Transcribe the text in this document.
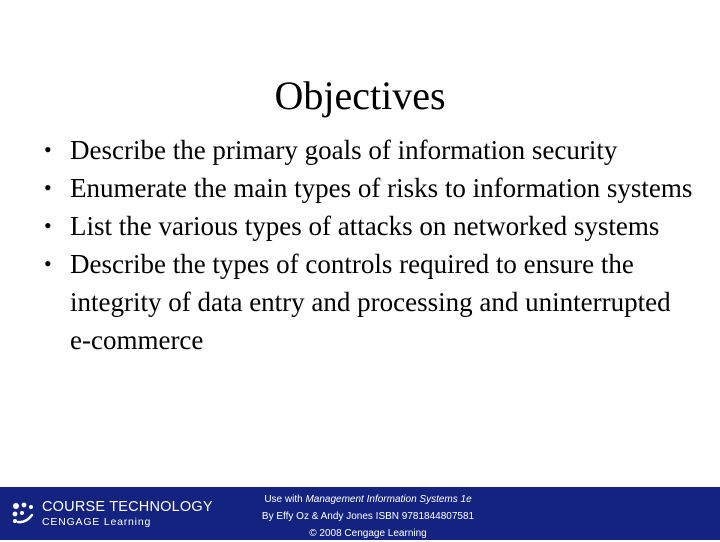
Objectives
• Describe the primary goals of information security
• Enumerate the main types of risks to information systems
• List the various types of attacks on networked systems
• Describe the types of controls required to ensure the integrity of data entry and processing and uninterrupted e-commerce
COURSE TECHNOLOGY
CENGAGE Learning
Use with Management Information Systems 1e
By Effy Oz & Andy Jones ISBN 9781844807581
© 2008 Cengage Learning
